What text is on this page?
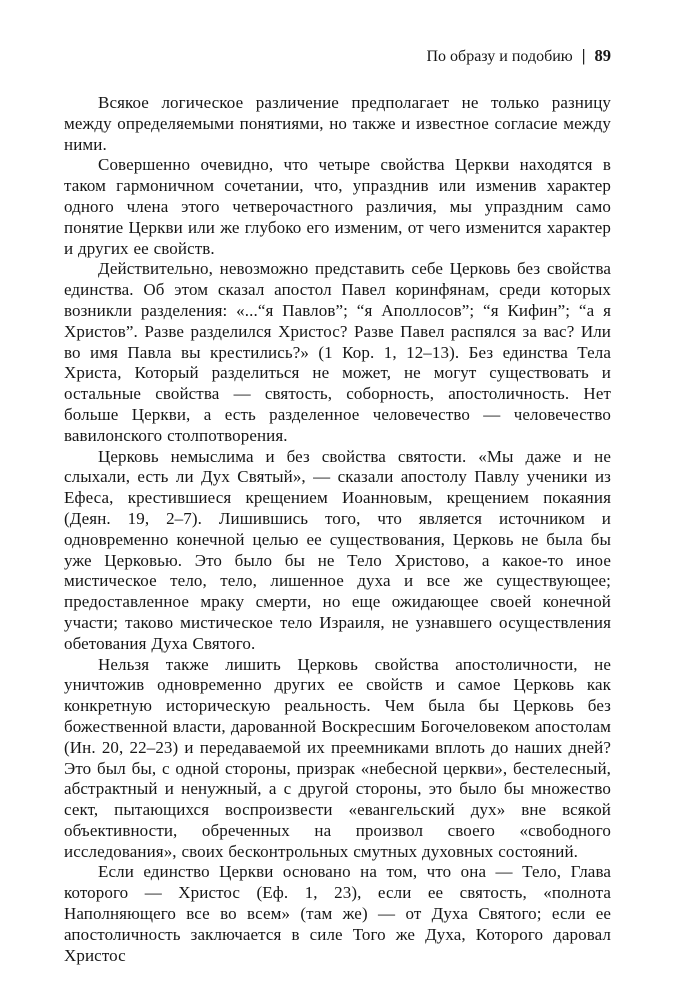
По образу и подобию | 89

Всякое логическое различение предполагает не только разницу между определяемыми понятиями, но также и известное согласие между ними.

Совершенно очевидно, что четыре свойства Церкви находятся в таком гармоничном сочетании, что, упразднив или изменив характер одного члена этого четверочастного различия, мы упраздним само понятие Церкви или же глубоко его изменим, от чего изменится характер и других ее свойств.

Действительно, невозможно представить себе Церковь без свойства единства. Об этом сказал апостол Павел коринфянам, среди которых возникли разделения: «...“я Павлов”; “я Аполлосов”; “я Кифин”; “а я Христов”. Разве разделился Христос? Разве Павел распялся за вас? Или во имя Павла вы крестились?» (1 Кор. 1, 12–13). Без единства Тела Христа, Который разделиться не может, не могут существовать и остальные свойства — святость, соборность, апостоличность. Нет больше Церкви, а есть разделенное человечество — человечество вавилонского столпотворения.

Церковь немыслима и без свойства святости. «Мы даже и не слыхали, есть ли Дух Святый», — сказали апостолу Павлу ученики из Ефеса, крестившиеся крещением Иоанновым, крещением покаяния (Деян. 19, 2–7). Лишившись того, что является источником и одновременно конечной целью ее существования, Церковь не была бы уже Церковью. Это было бы не Тело Христово, а какое-то иное мистическое тело, тело, лишенное духа и все же существующее; предоставленное мраку смерти, но еще ожидающее своей конечной участи; таково мистическое тело Израиля, не узнавшего осуществления обетования Духа Святого.

Нельзя также лишить Церковь свойства апостоличности, не уничтожив одновременно других ее свойств и самое Церковь как конкретную историческую реальность. Чем была бы Церковь без божественной власти, дарованной Воскресшим Богочеловеком апостолам (Ин. 20, 22–23) и передаваемой их преемниками вплоть до наших дней? Это был бы, с одной стороны, призрак «небесной церкви», бестелесный, абстрактный и ненужный, а с другой стороны, это было бы множество сект, пытающихся воспроизвести «евангельский дух» вне всякой объективности, обреченных на произвол своего «свободного исследования», своих бесконтрольных смутных духовных состояний.

Если единство Церкви основано на том, что она — Тело, Глава которого — Христос (Еф. 1, 23), если ее святость, «полнота Наполняющего все во всем» (там же) — от Духа Святого; если ее апостоличность заключается в силе Того же Духа, Которого даровал Христос
